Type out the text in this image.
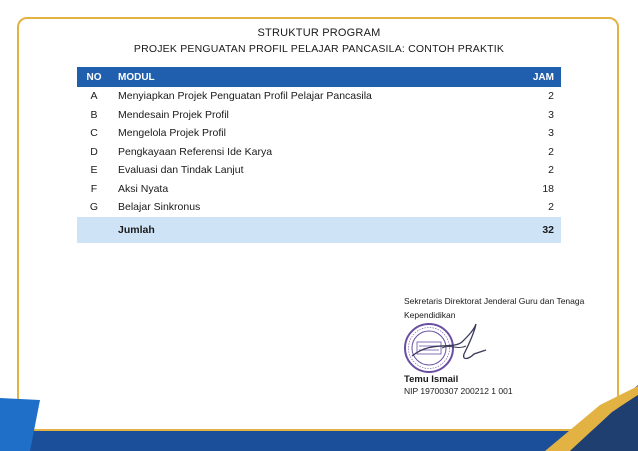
STRUKTUR PROGRAM
PROJEK PENGUATAN PROFIL PELAJAR PANCASILA: CONTOH PRAKTIK
NO	MODUL	JAM
A	Menyiapkan Projek Penguatan Profil Pelajar Pancasila	2
B	Mendesain Projek Profil	3
C	Mengelola Projek Profil	3
D	Pengkayaan Referensi Ide Karya	2
E	Evaluasi dan Tindak Lanjut	2
F	Aksi Nyata	18
G	Belajar Sinkronus	2
	Jumlah	32
Sekretaris Direktorat Jenderal Guru dan Tenaga Kependidikan
Temu Ismail
NIP 19700307 200212 1 001
